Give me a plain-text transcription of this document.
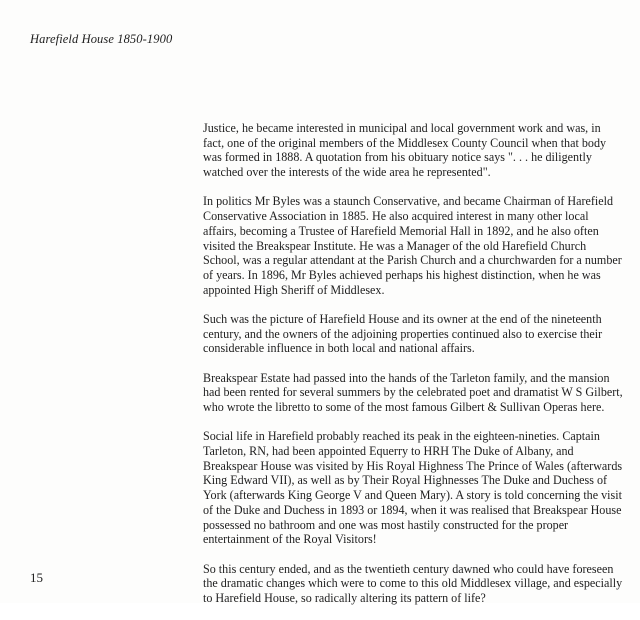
Harefield House 1850-1900

Justice, he became interested in municipal and local government work and was, in fact, one of the original members of the Middlesex County Council when that body was formed in 1888. A quotation from his obituary notice says ". . . he diligently watched over the interests of the wide area he represented".

In politics Mr Byles was a staunch Conservative, and became Chairman of Harefield Conservative Association in 1885. He also acquired interest in many other local affairs, becoming a Trustee of Harefield Memorial Hall in 1892, and he also often visited the Breakspear Institute. He was a Manager of the old Harefield Church School, was a regular attendant at the Parish Church and a churchwarden for a number of years. In 1896, Mr Byles achieved perhaps his highest distinction, when he was appointed High Sheriff of Middlesex.

Such was the picture of Harefield House and its owner at the end of the nineteenth century, and the owners of the adjoining properties continued also to exercise their considerable influence in both local and national affairs.

Breakspear Estate had passed into the hands of the Tarleton family, and the mansion had been rented for several summers by the celebrated poet and dramatist W S Gilbert, who wrote the libretto to some of the most famous Gilbert & Sullivan Operas here.

Social life in Harefield probably reached its peak in the eighteen-nineties. Captain Tarleton, RN, had been appointed Equerry to HRH The Duke of Albany, and Breakspear House was visited by His Royal Highness The Prince of Wales (afterwards King Edward VII), as well as by Their Royal Highnesses The Duke and Duchess of York (afterwards King George V and Queen Mary). A story is told concerning the visit of the Duke and Duchess in 1893 or 1894, when it was realised that Breakspear House possessed no bathroom and one was most hastily constructed for the proper entertainment of the Royal Visitors!

So this century ended, and as the twentieth century dawned who could have foreseen the dramatic changes which were to come to this old Middlesex village, and especially to Harefield House, so radically altering its pattern of life?

15
